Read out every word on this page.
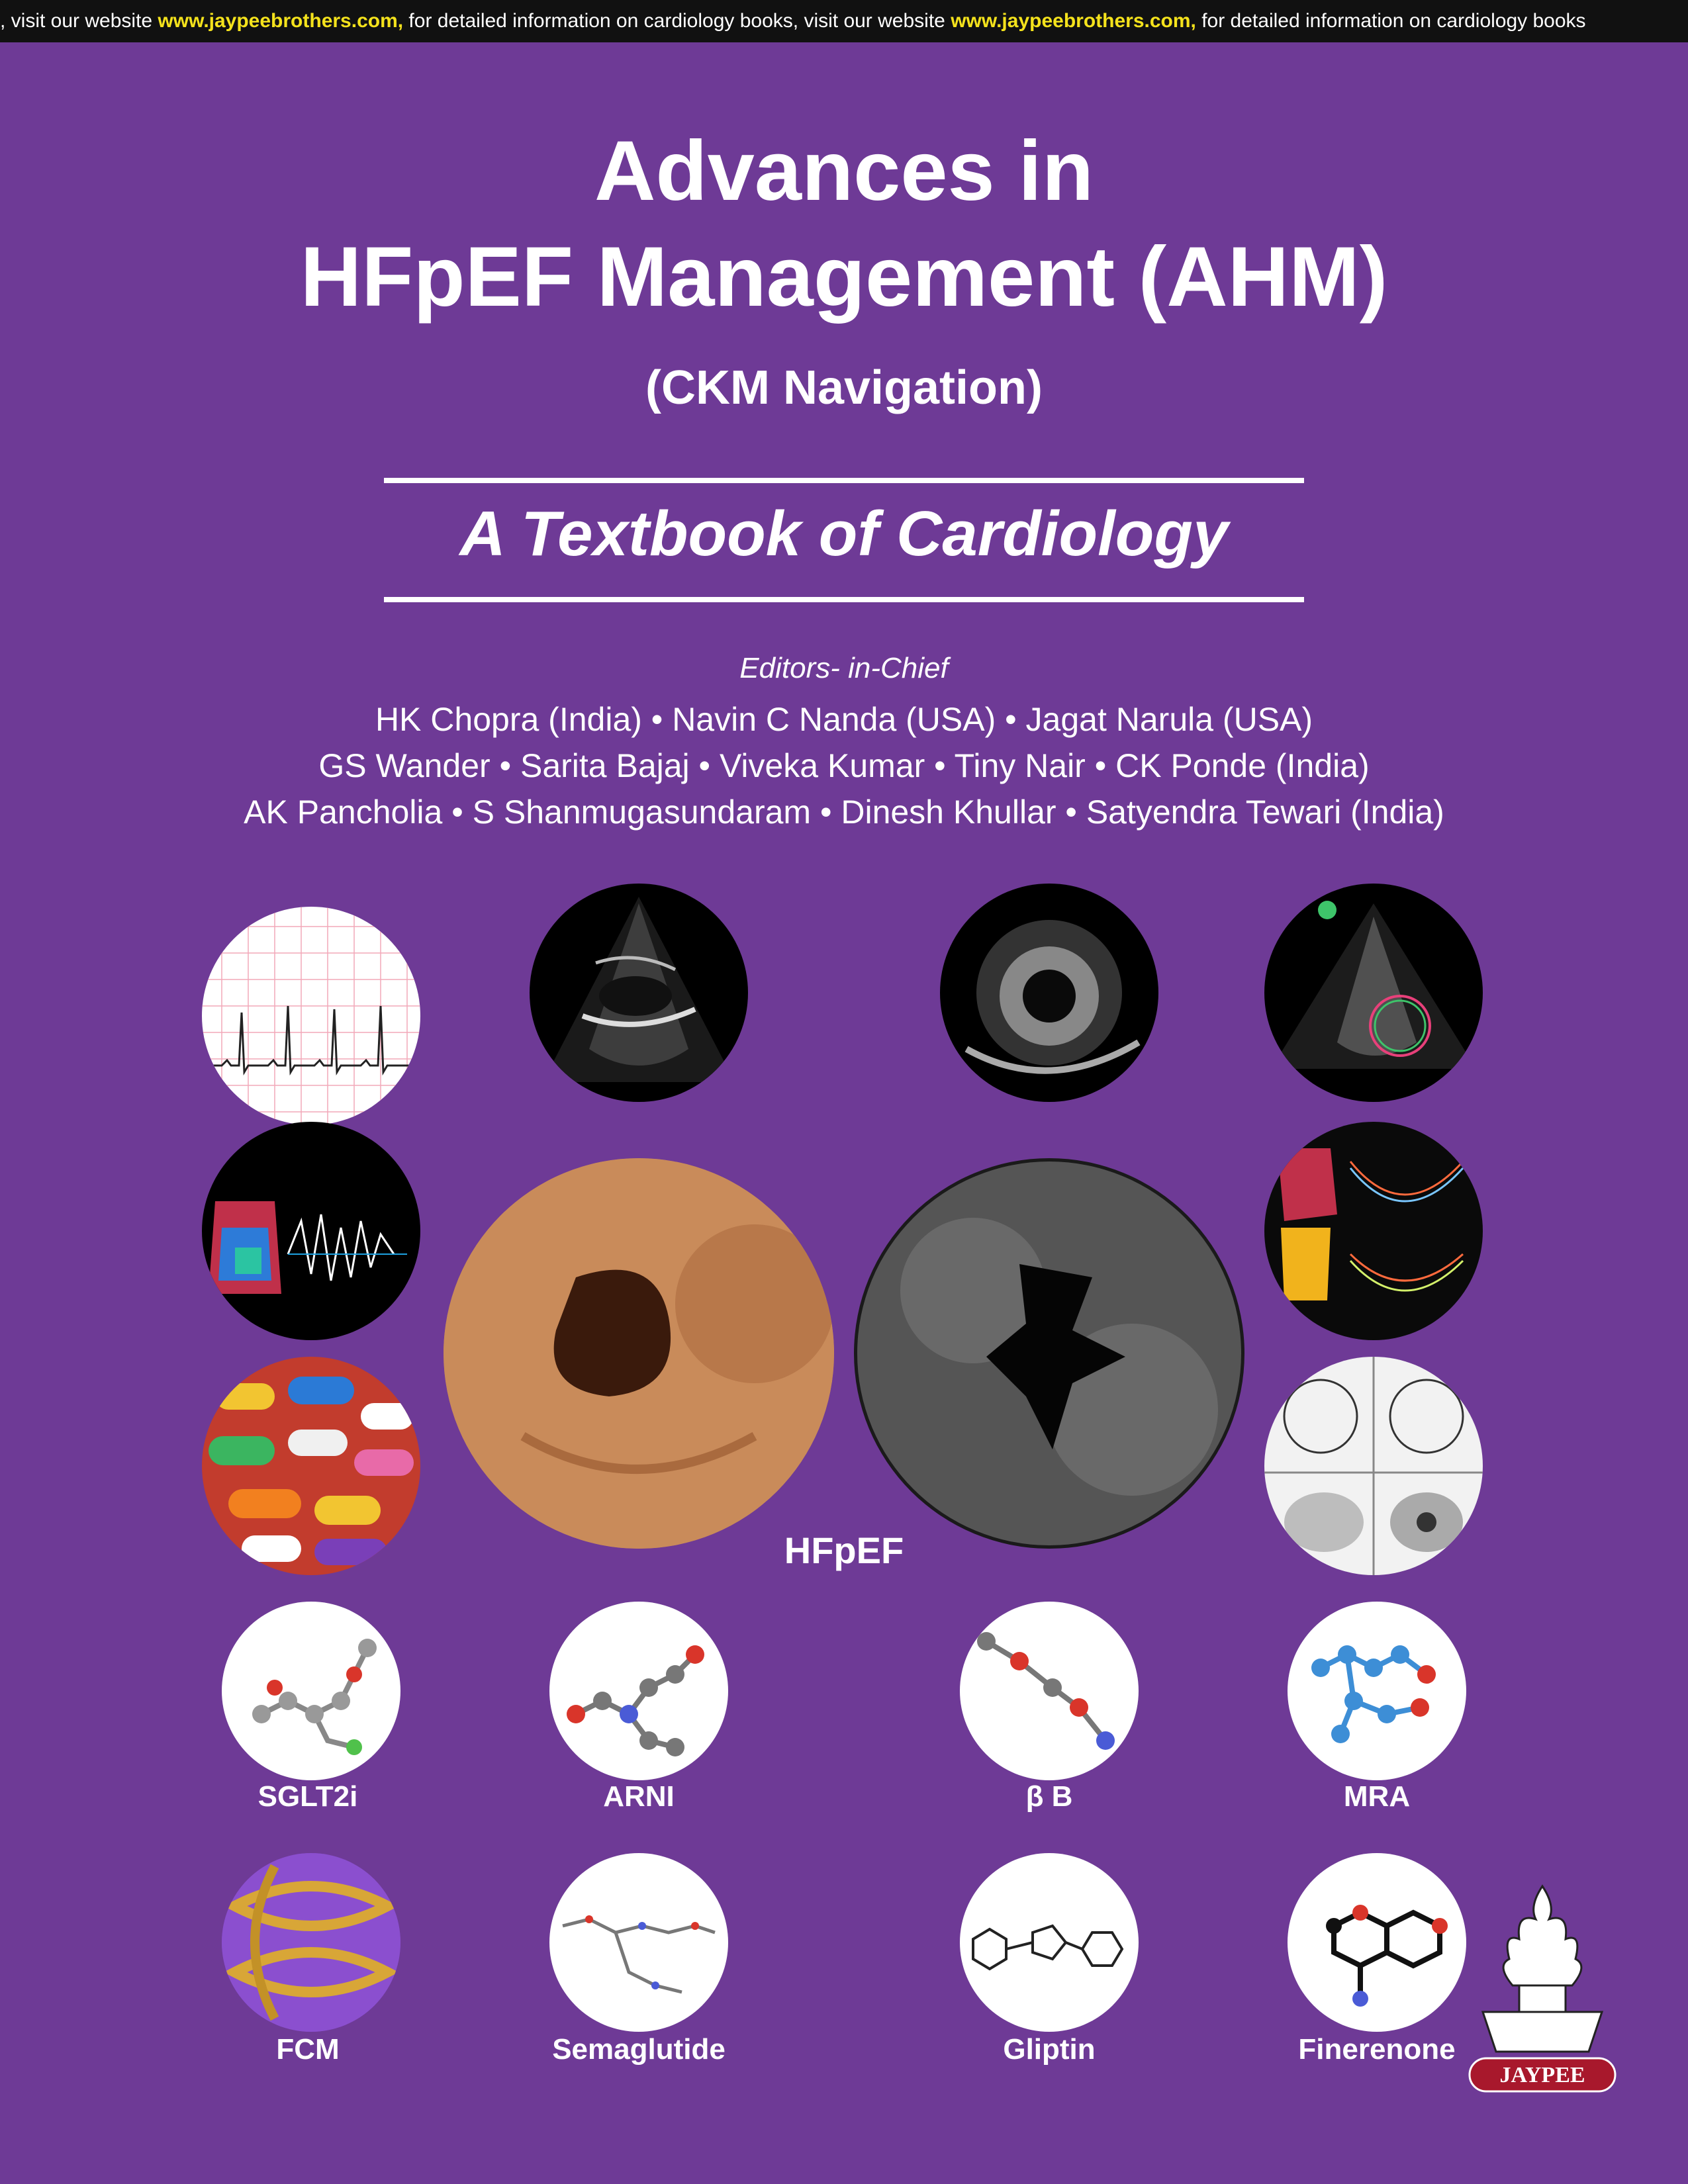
, visit our website www.jaypeebrothers.com, for detailed information on cardiology books, visit our website www.jaypeebrothers.com, for detailed information on cardiology books
Advances in
HFpEF Management (AHM)
(CKM Navigation)
A Textbook of Cardiology
Editors- in-Chief
HK Chopra (India) • Navin C Nanda (USA) • Jagat Narula (USA)
GS Wander • Sarita Bajaj • Viveka Kumar • Tiny Nair • CK Ponde (India)
AK Pancholia • S Shanmugasundaram • Dinesh Khullar • Satyendra Tewari (India)
HFpEF
SGLT2i	ARNI	β B	MRA
FCM	Semaglutide	Gliptin	Finerenone
JAYPEE
